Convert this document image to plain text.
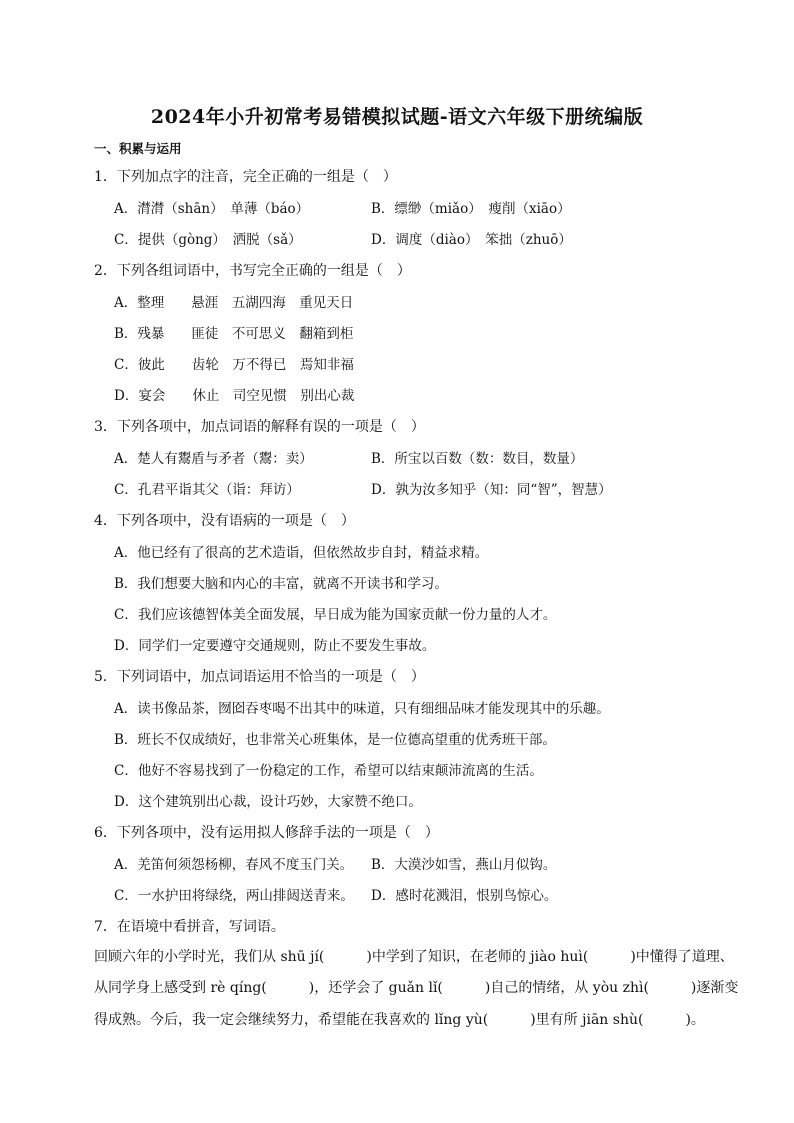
2024年小升初常考易错模拟试题-语文六年级下册统编版
一、积累与运用
1．下列加点字的注音，完全正确的一组是（　）
A．潸潸（shān）　单薄（báo）	B．缥缈（miǎo）　瘦削（xiāo）
C．提供（gòng）　洒脱（sǎ）	D．调度（diào）　笨拙（zhuō）
2．下列各组词语中，书写完全正确的一组是（　）
A．整理　　悬涯　五湖四海　重见天日
B．残暴　　匪徒　不可思义　翻箱到柜
C．彼此　　齿轮　万不得已　焉知非福
D．宴会　　休止　司空见惯　别出心裁
3．下列各项中，加点词语的解释有误的一项是（　）
A．楚人有鬻盾与矛者（鬻：卖）	B．所宝以百数（数：数目，数量）
C．孔君平诣其父（诣：拜访）	D．孰为汝多知乎（知：同“智”，智慧）
4．下列各项中，没有语病的一项是（　）
A．他已经有了很高的艺术造诣，但依然故步自封，精益求精。
B．我们想要大脑和内心的丰富，就离不开读书和学习。
C．我们应该德智体美全面发展，早日成为能为国家贡献一份力量的人才。
D．同学们一定要遵守交通规则，防止不要发生事故。
5．下列词语中，加点词语运用不恰当的一项是（　）
A．读书像品茶，囫囵吞枣喝不出其中的味道，只有细细品味才能发现其中的乐趣。
B．班长不仅成绩好，也非常关心班集体，是一位德高望重的优秀班干部。
C．他好不容易找到了一份稳定的工作，希望可以结束颠沛流离的生活。
D．这个建筑别出心裁，设计巧妙，大家赞不绝口。
6．下列各项中，没有运用拟人修辞手法的一项是（　）
A．羌笛何须怨杨柳，春风不度玉门关。 B．大漠沙如雪，燕山月似钩。
C．一水护田将绿绕，两山排闼送青来。 D．感时花溅泪，恨别鸟惊心。
7．在语境中看拼音，写词语。
回顾六年的小学时光，我们从 shū jí(　　　)中学到了知识，在老师的 jiào huì(　　　)中懂得了道理、
从同学身上感受到 rè qíng(　　　)，还学会了 guǎn lǐ(　　　)自己的情绪，从 yòu zhì(　　　)逐渐变
得成熟。今后，我一定会继续努力，希望能在我喜欢的 lǐng yù(　　　)里有所 jiān shù(　　　)。
